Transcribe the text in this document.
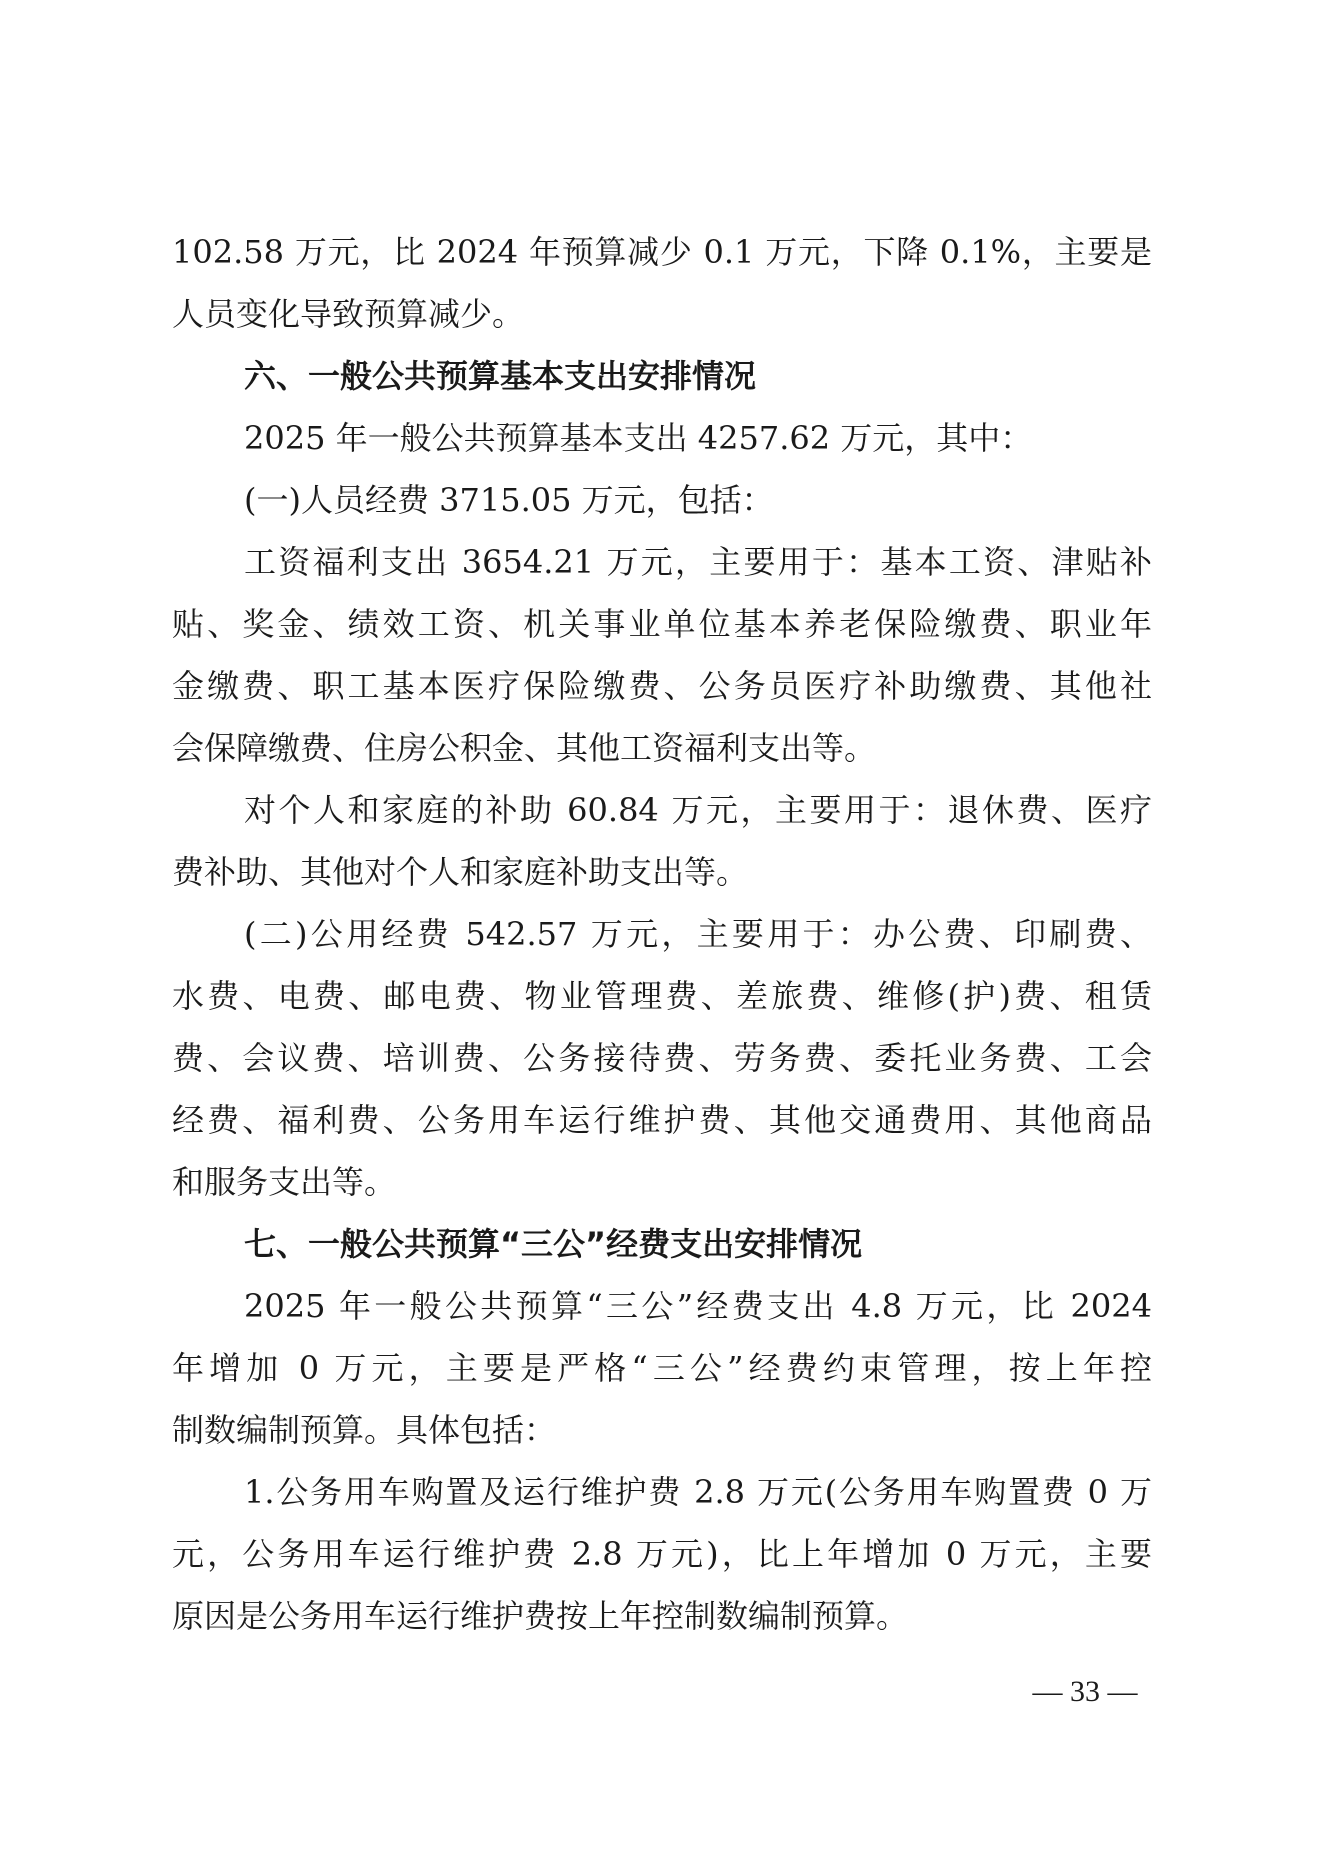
102.58 万元，比 2024 年预算减少 0.1 万元，下降 0.1%，主要是
人员变化导致预算减少。
六、一般公共预算基本支出安排情况
2025 年一般公共预算基本支出 4257.62 万元，其中：
(一)人员经费 3715.05 万元，包括：
工资福利支出 3654.21 万元，主要用于：基本工资、津贴补
贴、奖金、绩效工资、机关事业单位基本养老保险缴费、职业年
金缴费、职工基本医疗保险缴费、公务员医疗补助缴费、其他社
会保障缴费、住房公积金、其他工资福利支出等。
对个人和家庭的补助 60.84 万元，主要用于：退休费、医疗
费补助、其他对个人和家庭补助支出等。
(二)公用经费 542.57 万元，主要用于：办公费、印刷费、
水费、电费、邮电费、物业管理费、差旅费、维修(护)费、租赁
费、会议费、培训费、公务接待费、劳务费、委托业务费、工会
经费、福利费、公务用车运行维护费、其他交通费用、其他商品
和服务支出等。
七、一般公共预算“三公”经费支出安排情况
2025 年一般公共预算“三公”经费支出 4.8 万元，比 2024
年增加 0 万元，主要是严格“三公”经费约束管理，按上年控
制数编制预算。具体包括：
1.公务用车购置及运行维护费 2.8 万元(公务用车购置费 0 万
元，公务用车运行维护费 2.8 万元)，比上年增加 0 万元，主要
原因是公务用车运行维护费按上年控制数编制预算。
— 33 —
